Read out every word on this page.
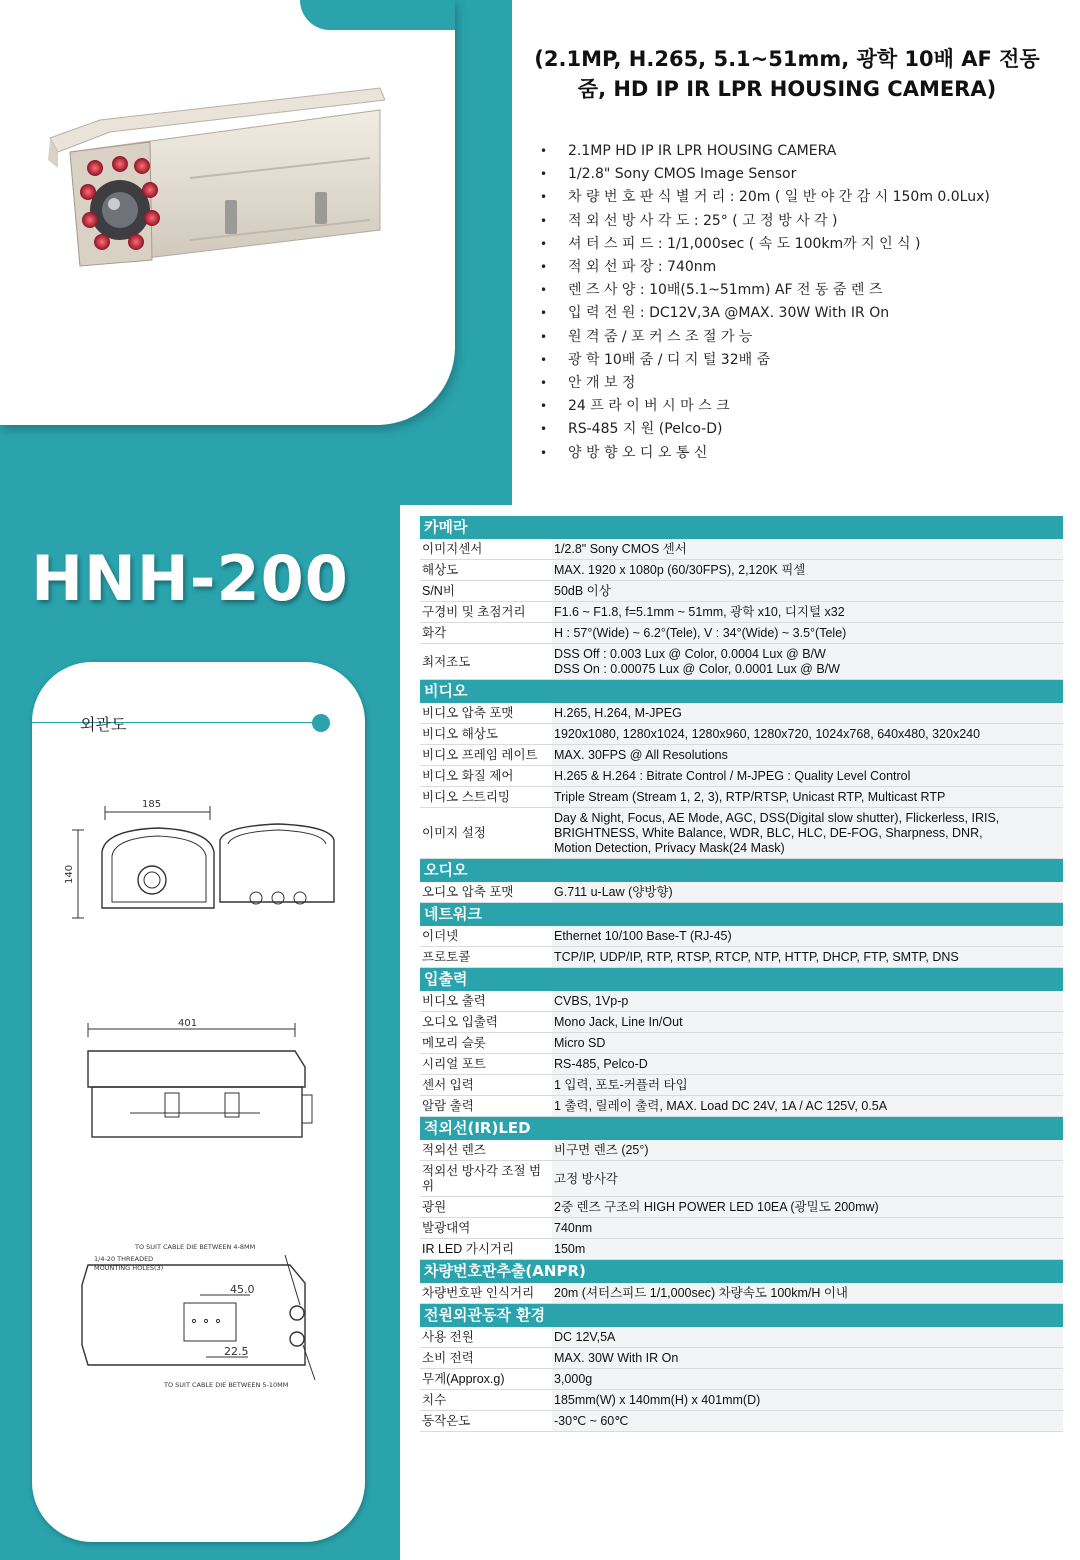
HNH-200
외관도
185
140
401
TO SUIT CABLE DIE BETWEEN 4-8MM
1/4-20 THREADED
MOUNTING HOLES(3)
45.0
22.5
TO SUIT CABLE DIE BETWEEN 5-10MM
(2.1MP, H.265, 5.1~51mm, 광학 10배 AF 전동
줌, HD IP IR LPR HOUSING CAMERA)
• 2.1MP HD IP IR LPR HOUSING CAMERA
• 1/2.8" Sony CMOS Image Sensor
• 차 량 번 호 판 식 별 거 리 : 20m ( 일 반 야 간 감 시 150m 0.0Lux)
• 적 외 선 방 사 각 도 : 25° ( 고 정 방 사 각 )
• 셔 터 스 피 드 : 1/1,000sec ( 속 도 100km까 지 인 식 )
• 적 외 선 파 장 : 740nm
• 렌 즈 사 양 : 10배(5.1~51mm) AF 전 동 줌 렌 즈
• 입 력 전 원 : DC12V,3A @MAX. 30W With IR On
• 원 격 줌 / 포 커 스 조 절 가 능
• 광 학 10배 줌 / 디 지 털 32배 줌
• 안 개 보 정
• 24 프 라 이 버 시 마 스 크
• RS-485 지 원 (Pelco-D)
• 양 방 향 오 디 오 통 신
카메라	
이미지센서	1/2.8" Sony CMOS 센서

해상도	MAX. 1920 x 1080p (60/30FPS), 2,120K 픽셀

S/N비	50dB 이상

구경비 및 초점거리	F1.6 ~ F1.8, f=5.1mm ~ 51mm, 광학 x10, 디지털 x32

화각	H : 57°(Wide) ~ 6.2°(Tele), V : 34°(Wide) ~ 3.5°(Tele)

최저조도	DSS Off : 0.003 Lux @ Color, 0.0004 Lux @ B/W
DSS On : 0.00075 Lux @ Color, 0.0001 Lux @ B/W

비디오	
비디오 압축 포맷	H.265, H.264, M-JPEG

비디오 해상도	1920x1080, 1280x1024, 1280x960, 1280x720, 1024x768, 640x480, 320x240

비디오 프레임 레이트	MAX. 30FPS @ All Resolutions

비디오 화질 제어	H.265 & H.264 : Bitrate Control / M-JPEG : Quality Level Control

비디오 스트리밍	Triple Stream (Stream 1, 2, 3), RTP/RTSP, Unicast RTP, Multicast RTP

이미지 설정	Day & Night, Focus, AE Mode, AGC, DSS(Digital slow shutter), Flickerless, IRIS,
BRIGHTNESS, White Balance, WDR, BLC, HLC, DE-FOG, Sharpness, DNR,
Motion Detection, Privacy Mask(24 Mask)

오디오	
오디오 압축 포맷	G.711 u-Law (양방향)

네트워크	
이더넷	Ethernet 10/100 Base-T (RJ-45)

프로토콜	TCP/IP, UDP/IP, RTP, RTSP, RTCP, NTP, HTTP, DHCP, FTP, SMTP, DNS

입출력	
비디오 출력	CVBS, 1Vp-p

오디오 입출력	Mono Jack, Line In/Out

메모리 슬롯	Micro SD

시리얼 포트	RS-485, Pelco-D

센서 입력	1 입력, 포토-커플러 타입

알람 출력	1 출력, 릴레이 출력, MAX. Load DC 24V, 1A / AC 125V, 0.5A

적외선(IR)LED	
적외선 렌즈	비구면 렌즈 (25°)

적외선 방사각 조절 범위	고정 방사각

광원	2중 렌즈 구조의 HIGH POWER LED 10EA (광밀도 200mw)

발광대역	740nm

IR LED 가시거리	150m

차량번호판추출(ANPR)	
차량번호판 인식거리	20m (셔터스피드 1/1,000sec) 차량속도 100km/H 이내

전원외관동작 환경	
사용 전원	DC 12V,5A

소비 전력	MAX. 30W With IR On

무게(Approx.g)	3,000g

치수	185mm(W) x 140mm(H) x 401mm(D)

동작온도	-30℃ ~ 60℃
